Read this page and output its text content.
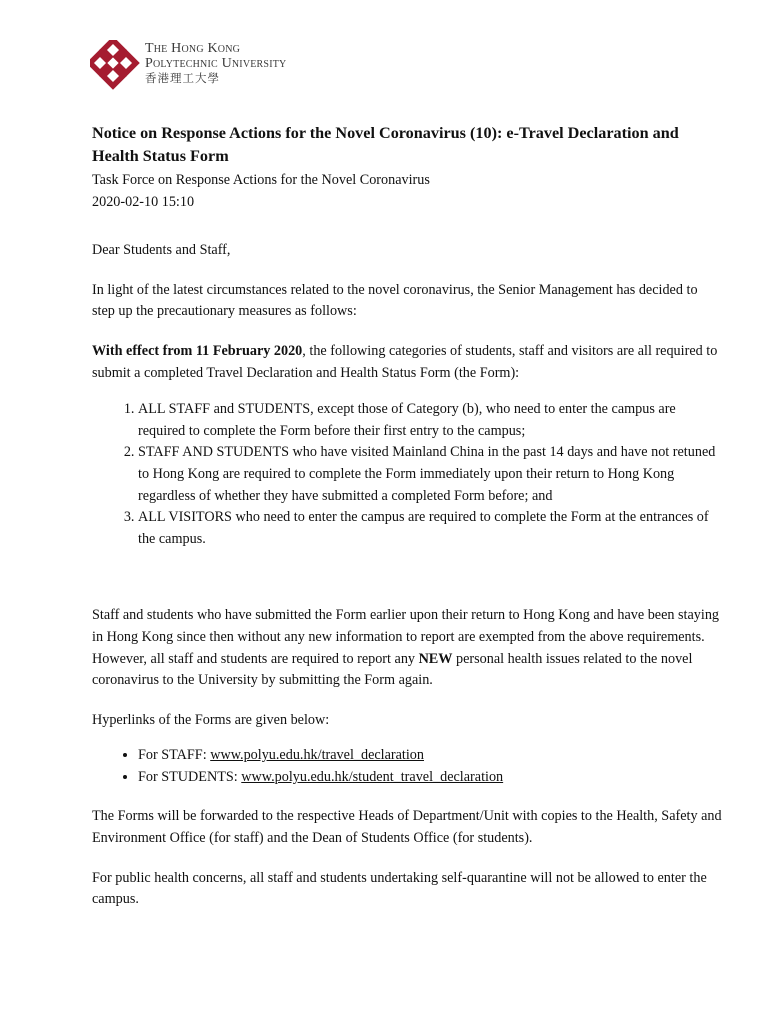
The Hong Kong
Polytechnic University
香港理工大學
Notice on Response Actions for the Novel Coronavirus (10): e-Travel Declaration and Health Status Form

Task Force on Response Actions for the Novel Coronavirus

2020-02-10 15:10

Dear Students and Staff,

In light of the latest circumstances related to the novel coronavirus, the Senior Management has decided to step up the precautionary measures as follows:

With effect from 11 February 2020, the following categories of students, staff and visitors are all required to submit a completed Travel Declaration and Health Status Form (the Form):

1. ALL STAFF and STUDENTS, except those of Category (b), who need to enter the campus are required to complete the Form before their first entry to the campus;
2. STAFF AND STUDENTS who have visited Mainland China in the past 14 days and have not retuned to Hong Kong are required to complete the Form immediately upon their return to Hong Kong regardless of whether they have submitted a completed Form before; and
3. ALL VISITORS who need to enter the campus are required to complete the Form at the entrances of the campus.

Staff and students who have submitted the Form earlier upon their return to Hong Kong and have been staying in Hong Kong since then without any new information to report are exempted from the above requirements. However, all staff and students are required to report any NEW personal health issues related to the novel coronavirus to the University by submitting the Form again.

Hyperlinks of the Forms are given below:

• For STAFF: www.polyu.edu.hk/travel_declaration
• For STUDENTS: www.polyu.edu.hk/student_travel_declaration

The Forms will be forwarded to the respective Heads of Department/Unit with copies to the Health, Safety and Environment Office (for staff) and the Dean of Students Office (for students).

For public health concerns, all staff and students undertaking self-quarantine will not be allowed to enter the campus.
